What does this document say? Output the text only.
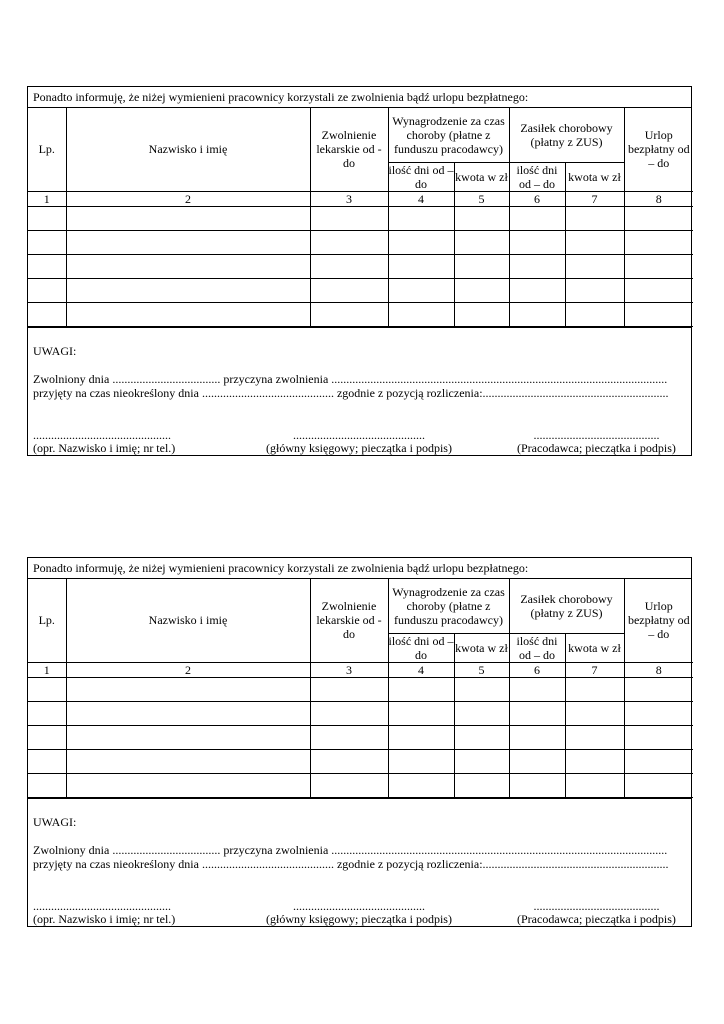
Ponadto informuję, że niżej wymienieni pracownicy korzystali ze zwolnienia bądź urlopu bezpłatnego:
Lp.	Nazwisko i imię	Zwolnienie lekarskie od - do	Wynagrodzenie za czas choroby (płatne z funduszu pracodawcy)		Zasiłek chorobowy (płatny z ZUS)		Urlop bezpłatny od – do
			ilość dni od – do	kwota w zł	ilość dni od – do	kwota w zł	
1	2	3	4	5	6	7	8

UWAGI:
Zwolniony dnia .................................... przyczyna zwolnienia ................................................................................................................
przyjęty na czas nieokreślony dnia ............................................ zgodnie z pozycją rozliczenia:..............................................................
..............................................
(opr. Nazwisko i imię; nr tel.)
............................................
(główny księgowy; pieczątka i podpis)
..........................................
(Pracodawca; pieczątka i podpis)
Ponadto informuję, że niżej wymienieni pracownicy korzystali ze zwolnienia bądź urlopu bezpłatnego:
Lp.	Nazwisko i imię	Zwolnienie lekarskie od - do	Wynagrodzenie za czas choroby (płatne z funduszu pracodawcy)		Zasiłek chorobowy (płatny z ZUS)		Urlop bezpłatny od – do
			ilość dni od – do	kwota w zł	ilość dni od – do	kwota w zł	
1	2	3	4	5	6	7	8

UWAGI:
Zwolniony dnia .................................... przyczyna zwolnienia ................................................................................................................
przyjęty na czas nieokreślony dnia ............................................ zgodnie z pozycją rozliczenia:..............................................................
..............................................
(opr. Nazwisko i imię; nr tel.)
............................................
(główny księgowy; pieczątka i podpis)
..........................................
(Pracodawca; pieczątka i podpis)
